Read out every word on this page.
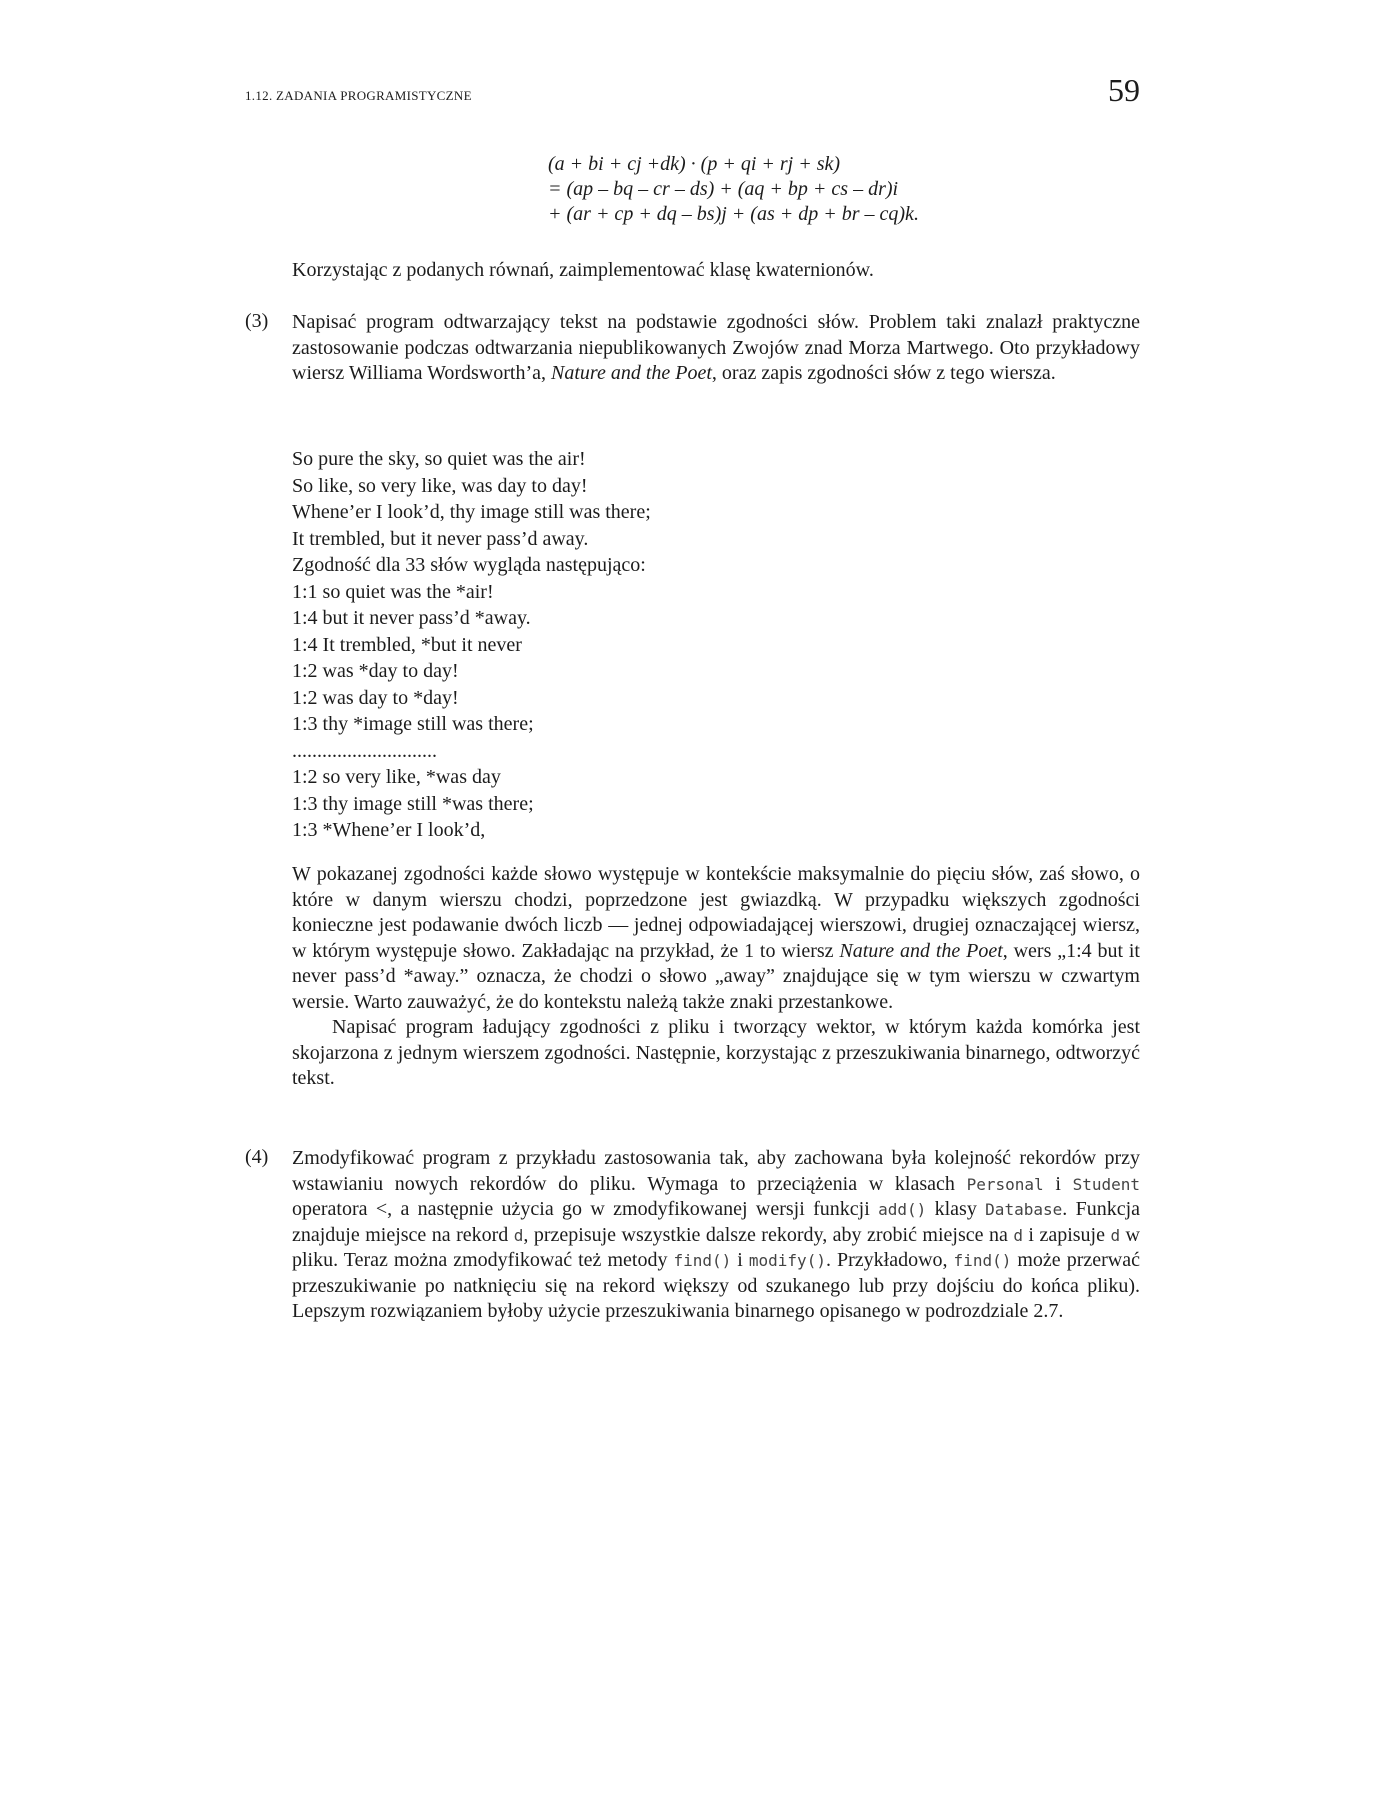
1.12. ZADANIA PROGRAMISTYCZNE	59
(a + bi + cj +dk) · (p + qi + rj + sk)
= (ap – bq – cr – ds) + (aq + bp + cs – dr)i
+ (ar + cp + dq – bs)j + (as + dp + br – cq)k.
Korzystając z podanych równań, zaimplementować klasę kwaternionów.
(3) Napisać program odtwarzający tekst na podstawie zgodności słów. Problem taki znalazł praktyczne zastosowanie podczas odtwarzania niepublikowanych Zwojów znad Morza Martwego. Oto przykładowy wiersz Williama Wordsworth’a, Nature and the Poet, oraz zapis zgodności słów z tego wiersza.
So pure the sky, so quiet was the air!
So like, so very like, was day to day!
Whene’er I look’d, thy image still was there;
It trembled, but it never pass’d away.
Zgodność dla 33 słów wygląda następująco:
1:1 so quiet was the *air!
1:4 but it never pass’d *away.
1:4 It trembled, *but it never
1:2 was *day to day!
1:2 was day to *day!
1:3 thy *image still was there;
.............................
1:2 so very like, *was day
1:3 thy image still *was there;
1:3 *Whene’er I look’d,
W pokazanej zgodności każde słowo występuje w kontekście maksymalnie do pięciu słów, zaś słowo, o które w danym wierszu chodzi, poprzedzone jest gwiazdką. W przypadku większych zgodności konieczne jest podawanie dwóch liczb — jednej odpowiadającej wierszowi, drugiej oznaczającej wiersz, w którym występuje słowo. Zakładając na przykład, że 1 to wiersz Nature and the Poet, wers „1:4 but it never pass’d *away.” oznacza, że chodzi o słowo „away” znajdujące się w tym wierszu w czwartym wersie. Warto zauważyć, że do kontekstu należą także znaki przestankowe.
Napisać program ładujący zgodności z pliku i tworzący wektor, w którym każda komórka jest skojarzona z jednym wierszem zgodności. Następnie, korzystając z przeszukiwania binarnego, odtworzyć tekst.
(4) Zmodyfikować program z przykładu zastosowania tak, aby zachowana była kolejność rekordów przy wstawianiu nowych rekordów do pliku. Wymaga to przeciążenia w klasach Personal i Student operatora <, a następnie użycia go w zmodyfikowanej wersji funkcji add() klasy Database. Funkcja znajduje miejsce na rekord d, przepisuje wszystkie dalsze rekordy, aby zrobić miejsce na d i zapisuje d w pliku. Teraz można zmodyfikować też metody find() i modify(). Przykładowo, find() może przerwać przeszukiwanie po natknięciu się na rekord większy od szukanego lub przy dojściu do końca pliku). Lepszym rozwiązaniem byłoby użycie przeszukiwania binarnego opisanego w podrozdziale 2.7.
